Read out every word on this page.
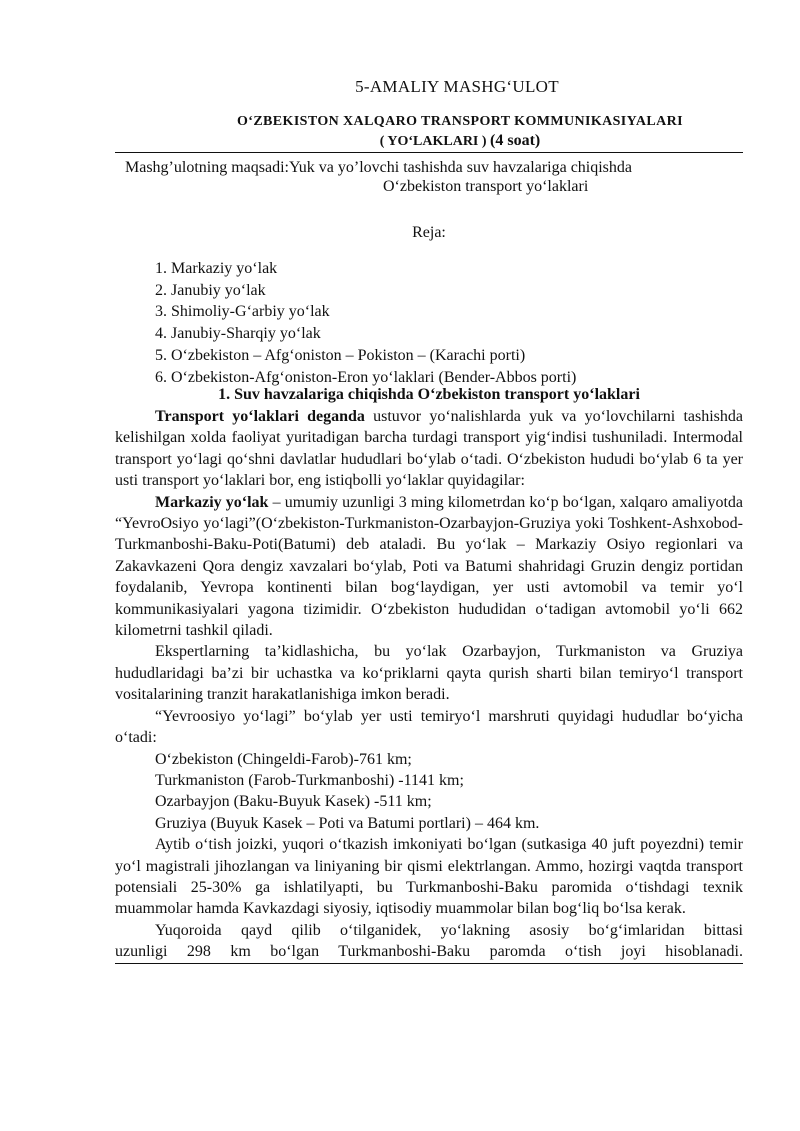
5-AMALIY MASHG‘ULOT
O‘ZBEKISTON XALQARO TRANSPORT KOMMUNIKASIYALARI
( YO‘LAKLARI ) (4 soat)
Mashg’ulotning maqsadi:Yuk va yo’lovchi tashishda suv havzalariga chiqishda
O‘zbekiston transport yo‘laklari
Reja:
1. Markaziy yo‘lak
2. Janubiy yo‘lak
3. Shimoliy-G‘arbiy yo‘lak
4. Janubiy-Sharqiy yo‘lak
5. O‘zbekiston – Afg‘oniston – Pokiston – (Karachi porti)
6. O‘zbekiston-Afg‘oniston-Eron yo‘laklari (Bender-Abbos porti)
1. Suv havzalariga chiqishda O‘zbekiston transport yo‘laklari

Transport yo‘laklari deganda ustuvor yo‘nalishlarda yuk va yo‘lovchilarni tashishda kelishilgan xolda faoliyat yuritadigan barcha turdagi transport yig‘indisi tushuniladi. Intermodal transport yo‘lagi qo‘shni davlatlar hududlari bo‘ylab o‘tadi. O‘zbekiston hududi bo‘ylab 6 ta yer usti transport yo‘laklari bor, eng istiqbolli yo‘laklar quyidagilar:

Markaziy yo‘lak – umumiy uzunligi 3 ming kilometrdan ko‘p bo‘lgan, xalqaro amaliyotda “YevroOsiyo yo‘lagi”(O‘zbekiston-Turkmaniston-Ozarbayjon-Gruziya yoki Toshkent-Ashxobod-Turkmanboshi-Baku-Poti(Batumi) deb ataladi. Bu yo‘lak – Markaziy Osiyo regionlari va Zakavkazeni Qora dengiz xavzalari bo‘ylab, Poti va Batumi shahridagi Gruzin dengiz portidan foydalanib, Yevropa kontinenti bilan bog‘laydigan, yer usti avtomobil va temir yo‘l kommunikasiyalari yagona tizimidir. O‘zbekiston hududidan o‘tadigan avtomobil yo‘li 662 kilometrni tashkil qiladi.

Ekspertlarning ta’kidlashicha, bu yo‘lak Ozarbayjon, Turkmaniston va Gruziya hududlaridagi ba’zi bir uchastka va ko‘priklarni qayta qurish sharti bilan temiryo‘l transport vositalarining tranzit harakatlanishiga imkon beradi.

“Yevroosiyo yo‘lagi” bo‘ylab yer usti temiryo‘l marshruti quyidagi hududlar bo‘yicha o‘tadi:

O‘zbekiston (Chingeldi-Farob)-761 km;

Turkmaniston (Farob-Turkmanboshi) -1141 km;

Ozarbayjon (Baku-Buyuk Kasek) -511 km;

Gruziya (Buyuk Kasek – Poti va Batumi portlari) – 464 km.

Aytib o‘tish joizki, yuqori o‘tkazish imkoniyati bo‘lgan (sutkasiga 40 juft poyezdni) temir yo‘l magistrali jihozlangan va liniyaning bir qismi elektrlangan. Ammo, hozirgi vaqtda transport potensiali 25-30% ga ishlatilyapti, bu Turkmanboshi-Baku paromida o‘tishdagi texnik muammolar hamda Kavkazdagi siyosiy, iqtisodiy muammolar bilan bog‘liq bo‘lsa kerak.

Yuqoroida qayd qilib o‘tilganidek, yo‘lakning asosiy bo‘g‘imlaridan bittasi

uzunligi 298 km bo‘lgan Turkmanboshi-Baku paromda o‘tish joyi hisoblanadi.
